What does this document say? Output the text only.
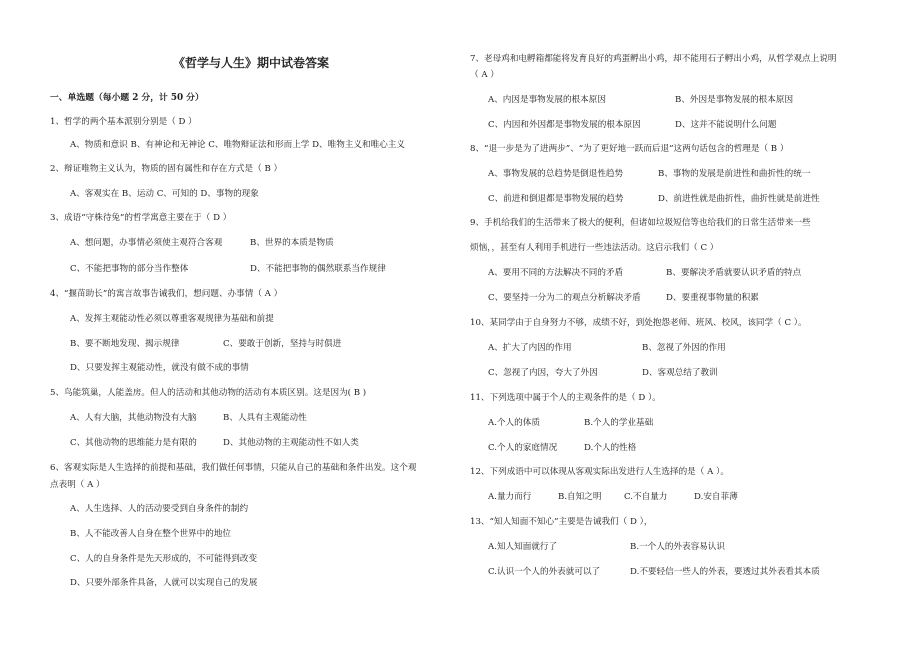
《哲学与人生》期中试卷答案
一、单选题（每小题 2 分，计 50 分）
1、哲学的两个基本派别分别是（ D ）
A、物质和意识 B、有神论和无神论 C、唯物辩证法和形而上学 D、唯物主义和唯心主义
2、辩证唯物主义认为，物质的固有属性和存在方式是（ B ）
A、客观实在 B、运动 C、可知的 D、事物的现象
3、成语“守株待兔”的哲学寓意主要在于（ D ）
A、想问题，办事情必须使主观符合客观	B、世界的本质是物质
C、不能把事物的部分当作整体	D、不能把事物的偶然联系当作规律
4、“揠苗助长”的寓言故事告诫我们，想问题、办事情（ A ）
A、发挥主观能动性必须以尊重客观规律为基础和前提
B、要不断地发现、揭示规律	C、要敢于创新，坚持与时俱进
D、只要发挥主观能动性，就没有做不成的事情
5、鸟能筑巢，人能盖房。但人的活动和其他动物的活动有本质区别。这是因为( B )
A、人有大脑，其他动物没有大脑	B、人具有主观能动性
C、其他动物的思维能力是有限的	D、其他动物的主观能动性不如人类
6、客观实际是人生选择的前提和基础，我们做任何事情，只能从自己的基础和条件出发。这个观
点表明（ A ）
A、人生选择、人的活动要受到自身条件的制约
B、人不能改善人自身在整个世界中的地位
C、人的自身条件是先天形成的，不可能得到改变
D、只要外部条件具备，人就可以实现自己的发展
7、老母鸡和电孵箱都能将发育良好的鸡蛋孵出小鸡，却不能用石子孵出小鸡，从哲学观点上说明
（ A ）
A、内因是事物发展的根本原因	B、外因是事物发展的根本原因
C、内因和外因都是事物发展的根本原因	D、这并不能说明什么问题
8、“退一步是为了进两步”、“为了更好地一跃而后退”这两句话包含的哲理是（ B ）
A、事物发展的总趋势是倒退性趋势	B、事物的发展是前进性和曲折性的统一
C、前进和倒退都是事物发展的趋势	D、前进性就是曲折性，曲折性就是前进性
9、手机给我们的生活带来了极大的便利，但诸如垃圾短信等也给我们的日常生活带来一些
烦恼，，甚至有人利用手机进行一些违法活动。这启示我们（ C ）
A、要用不同的方法解决不同的矛盾	B、要解决矛盾就要认识矛盾的特点
C、要坚持一分为二的观点分析解决矛盾	D、要重视事物量的积累
10、某同学由于自身努力不够，成绩不好，到处抱怨老师、班风、校风，该同学（ C ）。
A、扩大了内因的作用	B、忽视了外因的作用
C、忽视了内因，夸大了外因	D、客观总结了教训
11、下列选项中属于个人的主观条件的是（ D ）。
A.个人的体质	B.个人的学业基础
C.个人的家庭情况	D.个人的性格
12、下列成语中可以体现从客观实际出发进行人生选择的是（ A ）。
A.量力而行	B.自知之明	C.不自量力	D.安自菲薄
13、“知人知面不知心”主要是告诫我们（ D ），
A.知人知面就行了	B.一个人的外表容易认识
C.认识一个人的外表就可以了	D.不要轻信一些人的外表，要透过其外表看其本质
